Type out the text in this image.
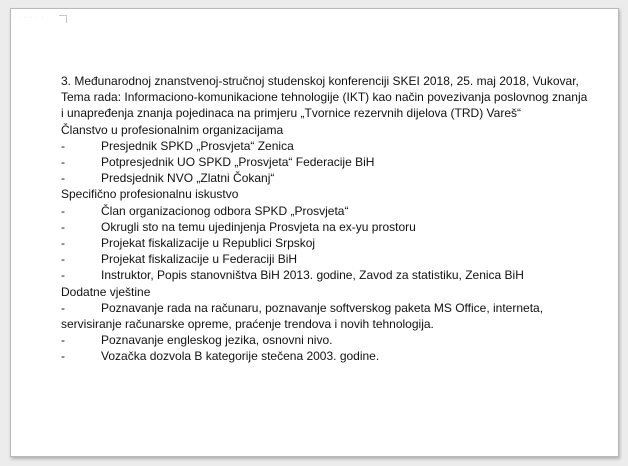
· · · · · ·

3. Međunarodnoj znanstvenoj-stručnoj studenskoj konferenciji SKEI 2018, 25. maj 2018, Vukovar,

Tema rada: Informaciono-komunikacione tehnologije (IKT) kao način povezivanja poslovnog znanja i unapređenja znanja pojedinaca na primjeru „Tvornice rezervnih dijelova (TRD) Vareš“

Članstvo u profesionalnim organizacijama

-	Presjednik SPKD „Prosvjeta“ Zenica

-	Potpresjednik UO SPKD „Prosvjeta“ Federacije BiH

-	Predsjednik NVO „Zlatni Čokanj“

Specifično profesionalnu iskustvo

-	Član organizacionog odbora SPKD „Prosvjeta“

-	Okrugli sto na temu ujedinjenja Prosvjeta na ex-yu prostoru

-	Projekat fiskalizacije u Republici Srpskoj

-	Projekat fiskalizacije u Federaciji BiH

-	Instruktor, Popis stanovništva BiH 2013. godine, Zavod za statistiku, Zenica BiH

Dodatne vještine

-	Poznavanje rada na računaru, poznavanje softverskog paketa MS Office, interneta, servisiranje računarske opreme, praćenje trendova i novih tehnologija.

-	Poznavanje engleskog jezika, osnovni nivo.

-	Vozačka dozvola B kategorije stečena 2003. godine.
